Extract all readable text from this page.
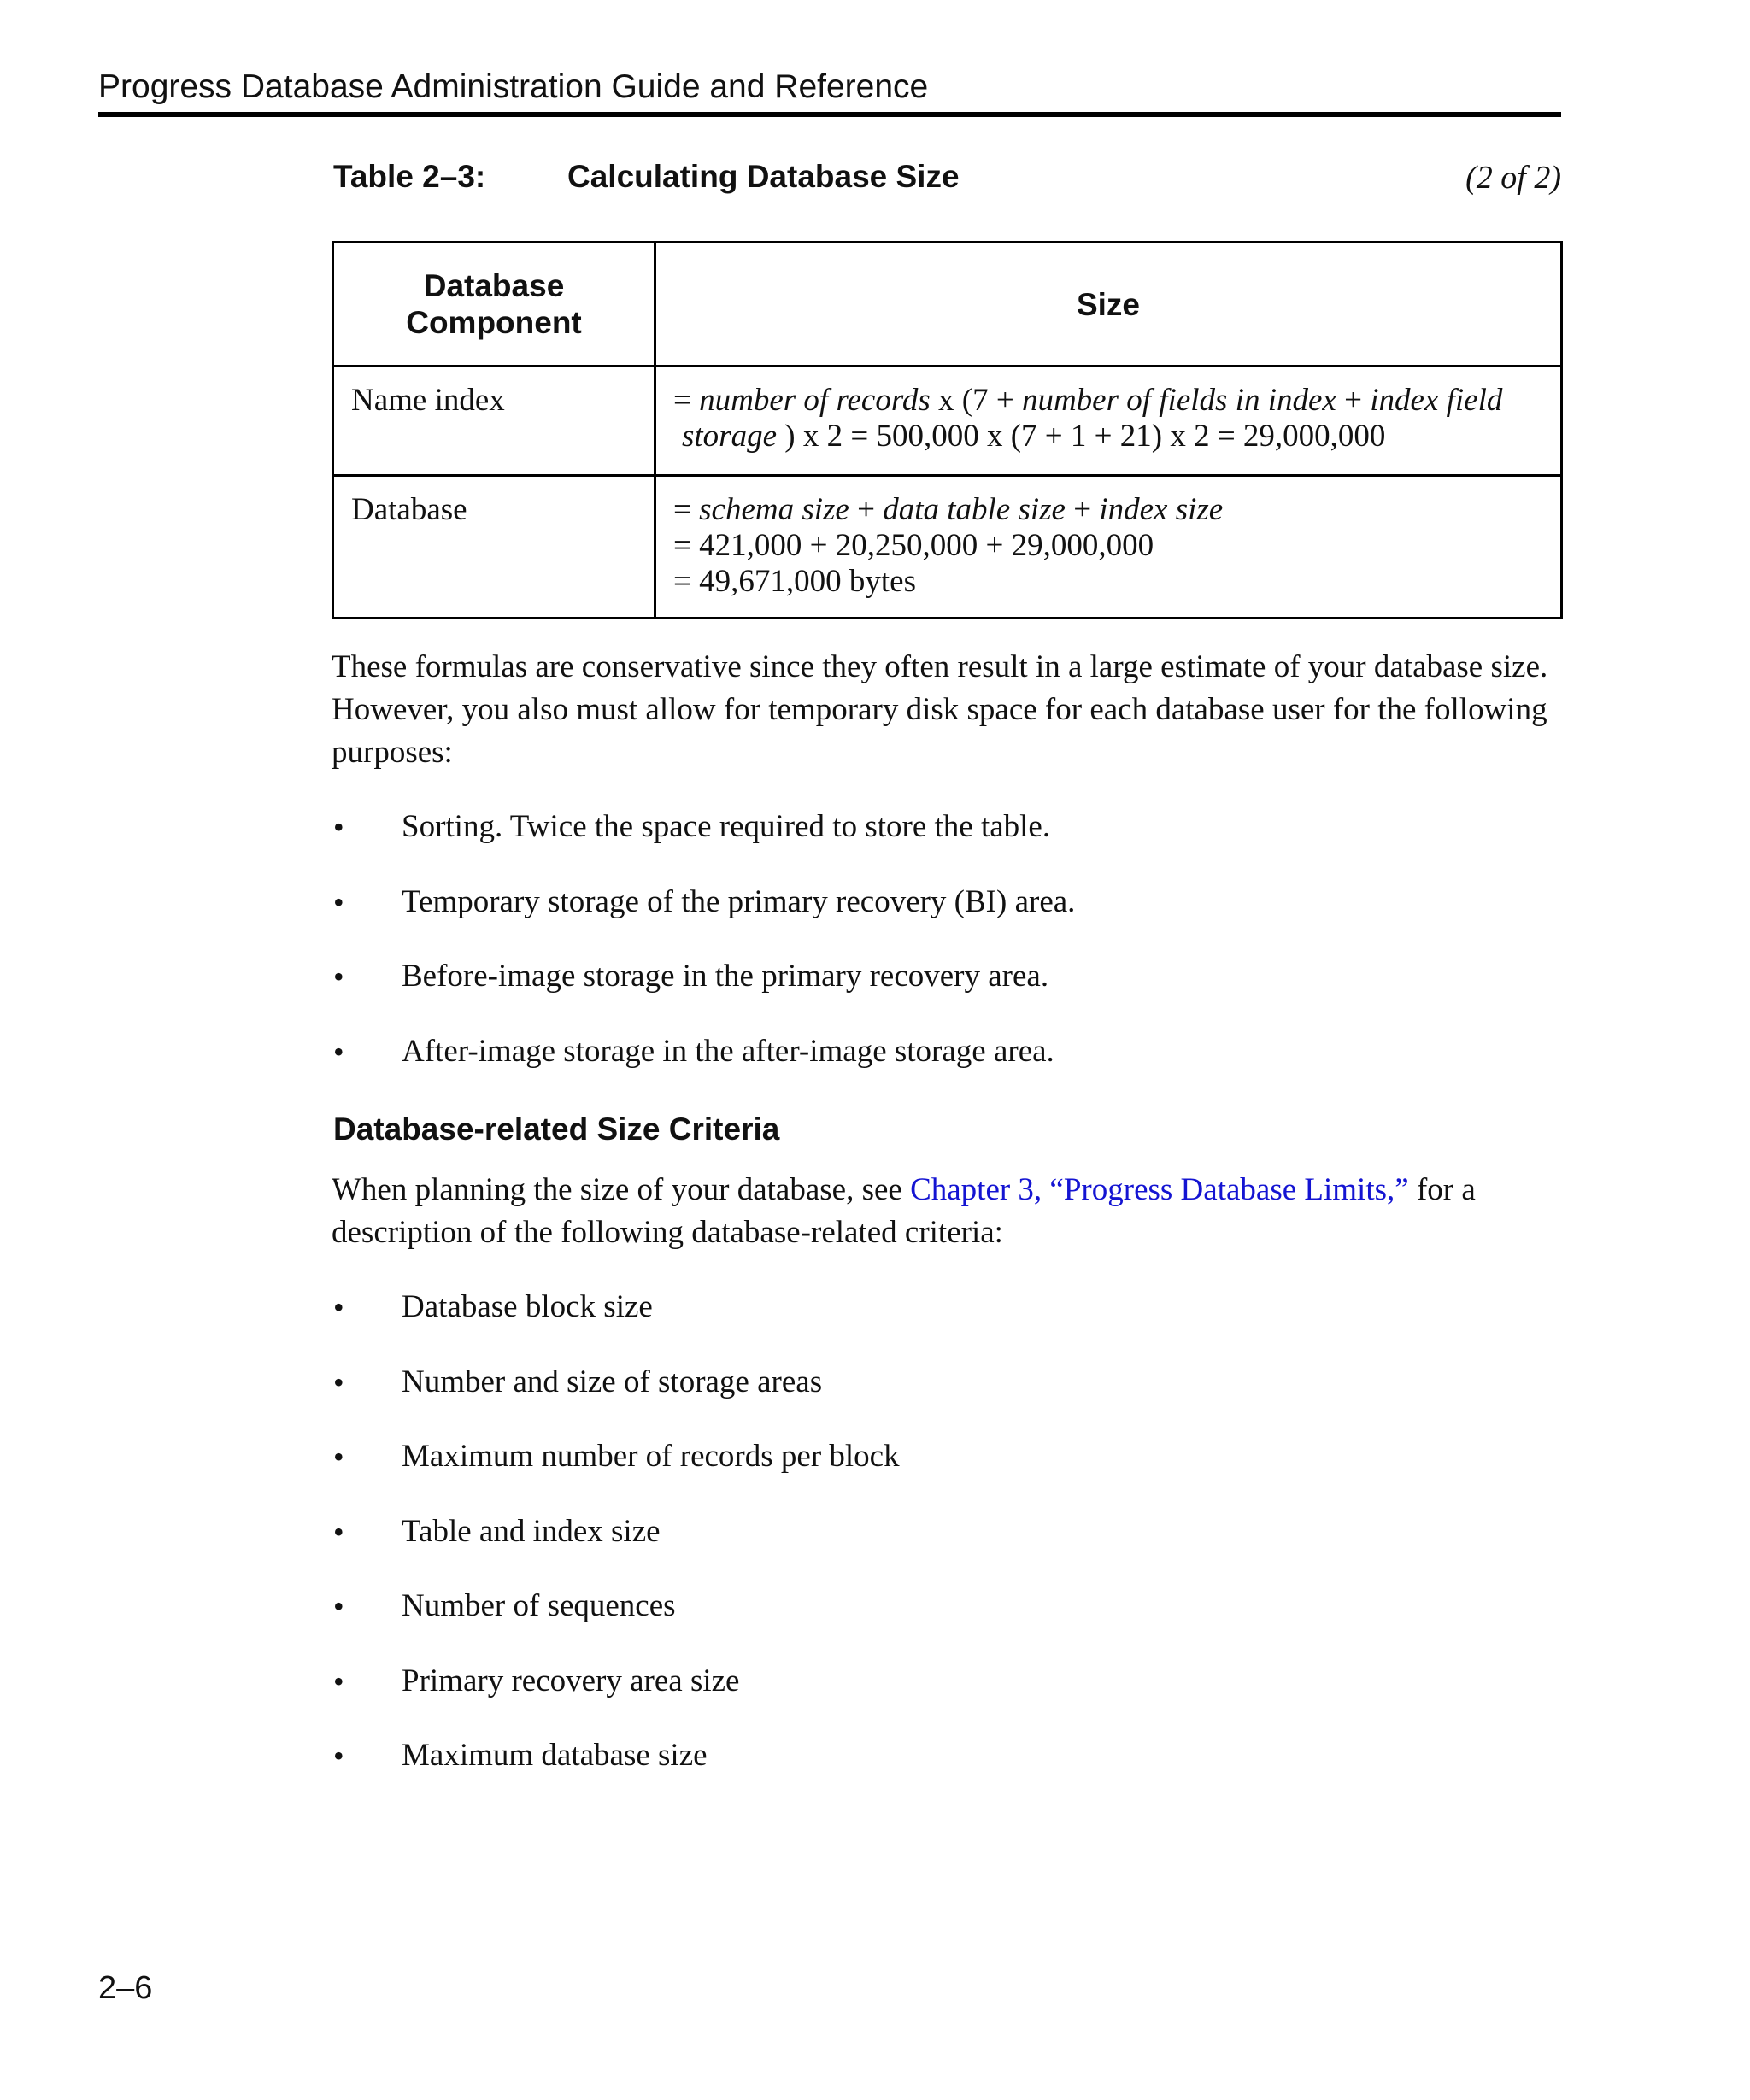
Progress Database Administration Guide and Reference
Table 2–3:	Calculating Database Size	(2 of 2)
Database
Component	Size
Name index	= number of records x (7 + number of fields in index + index field
storage ) x 2 = 500,000 x (7 + 1 + 21) x 2 = 29,000,000

Database	= schema size + data table size + index size
= 421,000 + 20,250,000 + 29,000,000
= 49,671,000 bytes
These formulas are conservative since they often result in a large estimate of your database size.
However, you also must allow for temporary disk space for each database user for the following
purposes:
• Sorting. Twice the space required to store the table.
• Temporary storage of the primary recovery (BI) area.
• Before-image storage in the primary recovery area.
• After-image storage in the after-image storage area.
Database-related Size Criteria
When planning the size of your database, see Chapter 3, “Progress Database Limits,” for a
description of the following database-related criteria:
• Database block size
• Number and size of storage areas
• Maximum number of records per block
• Table and index size
• Number of sequences
• Primary recovery area size
• Maximum database size
2–6
